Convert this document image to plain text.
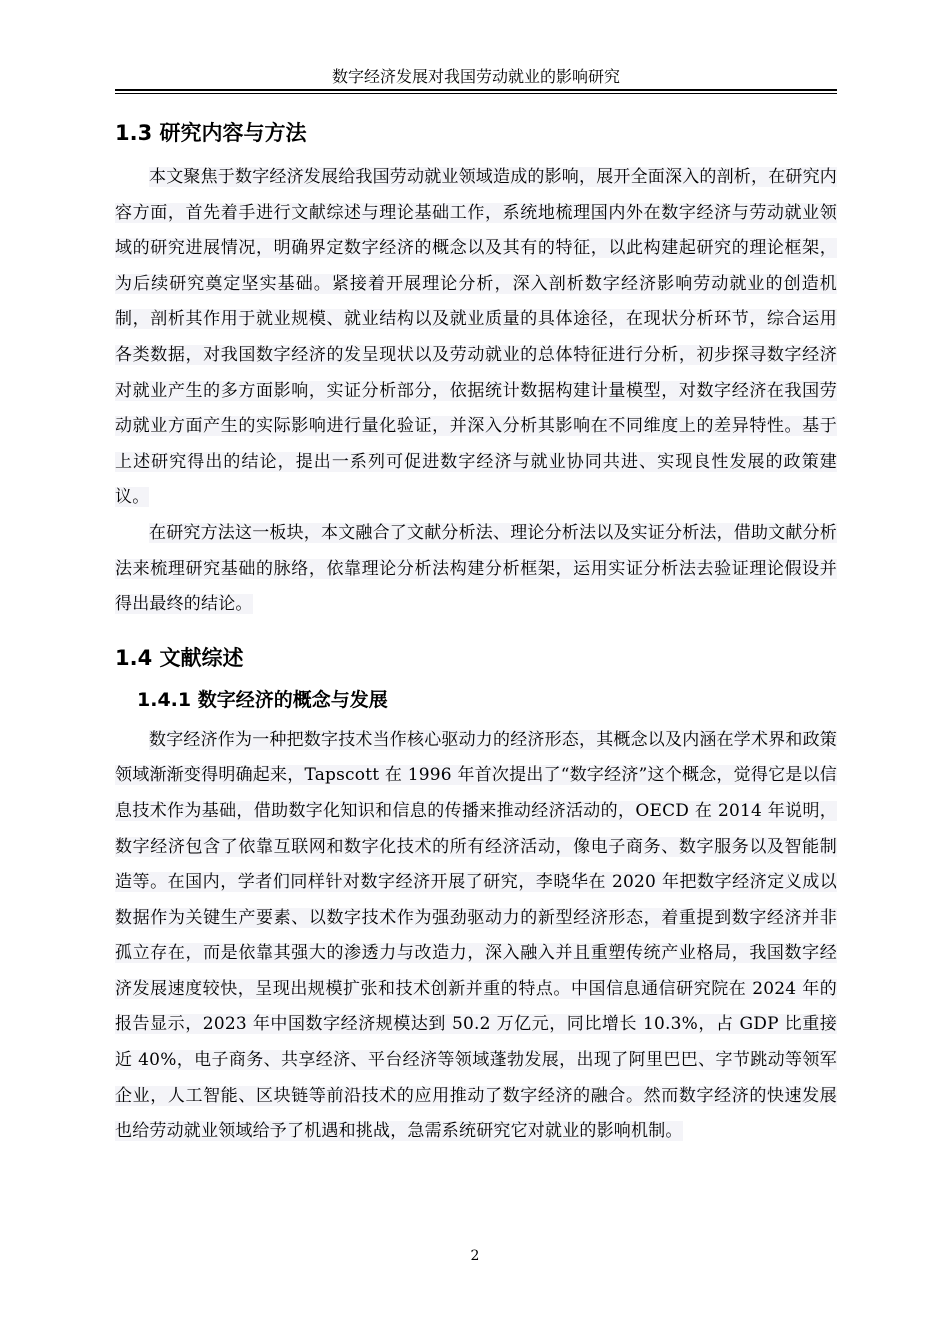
数字经济发展对我国劳动就业的影响研究
1.3 研究内容与方法

本文聚焦于数字经济发展给我国劳动就业领域造成的影响，展开全面深入的剖析，在研究内容方面，首先着手进行文献综述与理论基础工作，系统地梳理国内外在数字经济与劳动就业领域的研究进展情况，明确界定数字经济的概念以及其有的特征，以此构建起研究的理论框架，为后续研究奠定坚实基础。紧接着开展理论分析，深入剖析数字经济影响劳动就业的创造机制，剖析其作用于就业规模、就业结构以及就业质量的具体途径，在现状分析环节，综合运用各类数据，对我国数字经济的发呈现状以及劳动就业的总体特征进行分析，初步探寻数字经济对就业产生的多方面影响，实证分析部分，依据统计数据构建计量模型，对数字经济在我国劳动就业方面产生的实际影响进行量化验证，并深入分析其影响在不同维度上的差异特性。基于上述研究得出的结论，提出一系列可促进数字经济与就业协同共进、实现良性发展的政策建议。

在研究方法这一板块，本文融合了文献分析法、理论分析法以及实证分析法，借助文献分析法来梳理研究基础的脉络，依靠理论分析法构建分析框架，运用实证分析法去验证理论假设并得出最终的结论。

1.4 文献综述
1.4.1 数字经济的概念与发展

数字经济作为一种把数字技术当作核心驱动力的经济形态，其概念以及内涵在学术界和政策领域渐渐变得明确起来，Tapscott 在 1996 年首次提出了“数字经济”这个概念，觉得它是以信息技术作为基础，借助数字化知识和信息的传播来推动经济活动的，OECD 在 2014 年说明，数字经济包含了依靠互联网和数字化技术的所有经济活动，像电子商务、数字服务以及智能制造等。在国内，学者们同样针对数字经济开展了研究，李晓华在 2020 年把数字经济定义成以数据作为关键生产要素、以数字技术作为强劲驱动力的新型经济形态，着重提到数字经济并非孤立存在，而是依靠其强大的渗透力与改造力，深入融入并且重塑传统产业格局，我国数字经济发展速度较快，呈现出规模扩张和技术创新并重的特点。中国信息通信研究院在 2024 年的报告显示，2023 年中国数字经济规模达到 50.2 万亿元，同比增长 10.3%，占 GDP 比重接近 40%，电子商务、共享经济、平台经济等领域蓬勃发展，出现了阿里巴巴、字节跳动等领军企业，人工智能、区块链等前沿技术的应用推动了数字经济的融合。然而数字经济的快速发展也给劳动就业领域给予了机遇和挑战，急需系统研究它对就业的影响机制。

2
